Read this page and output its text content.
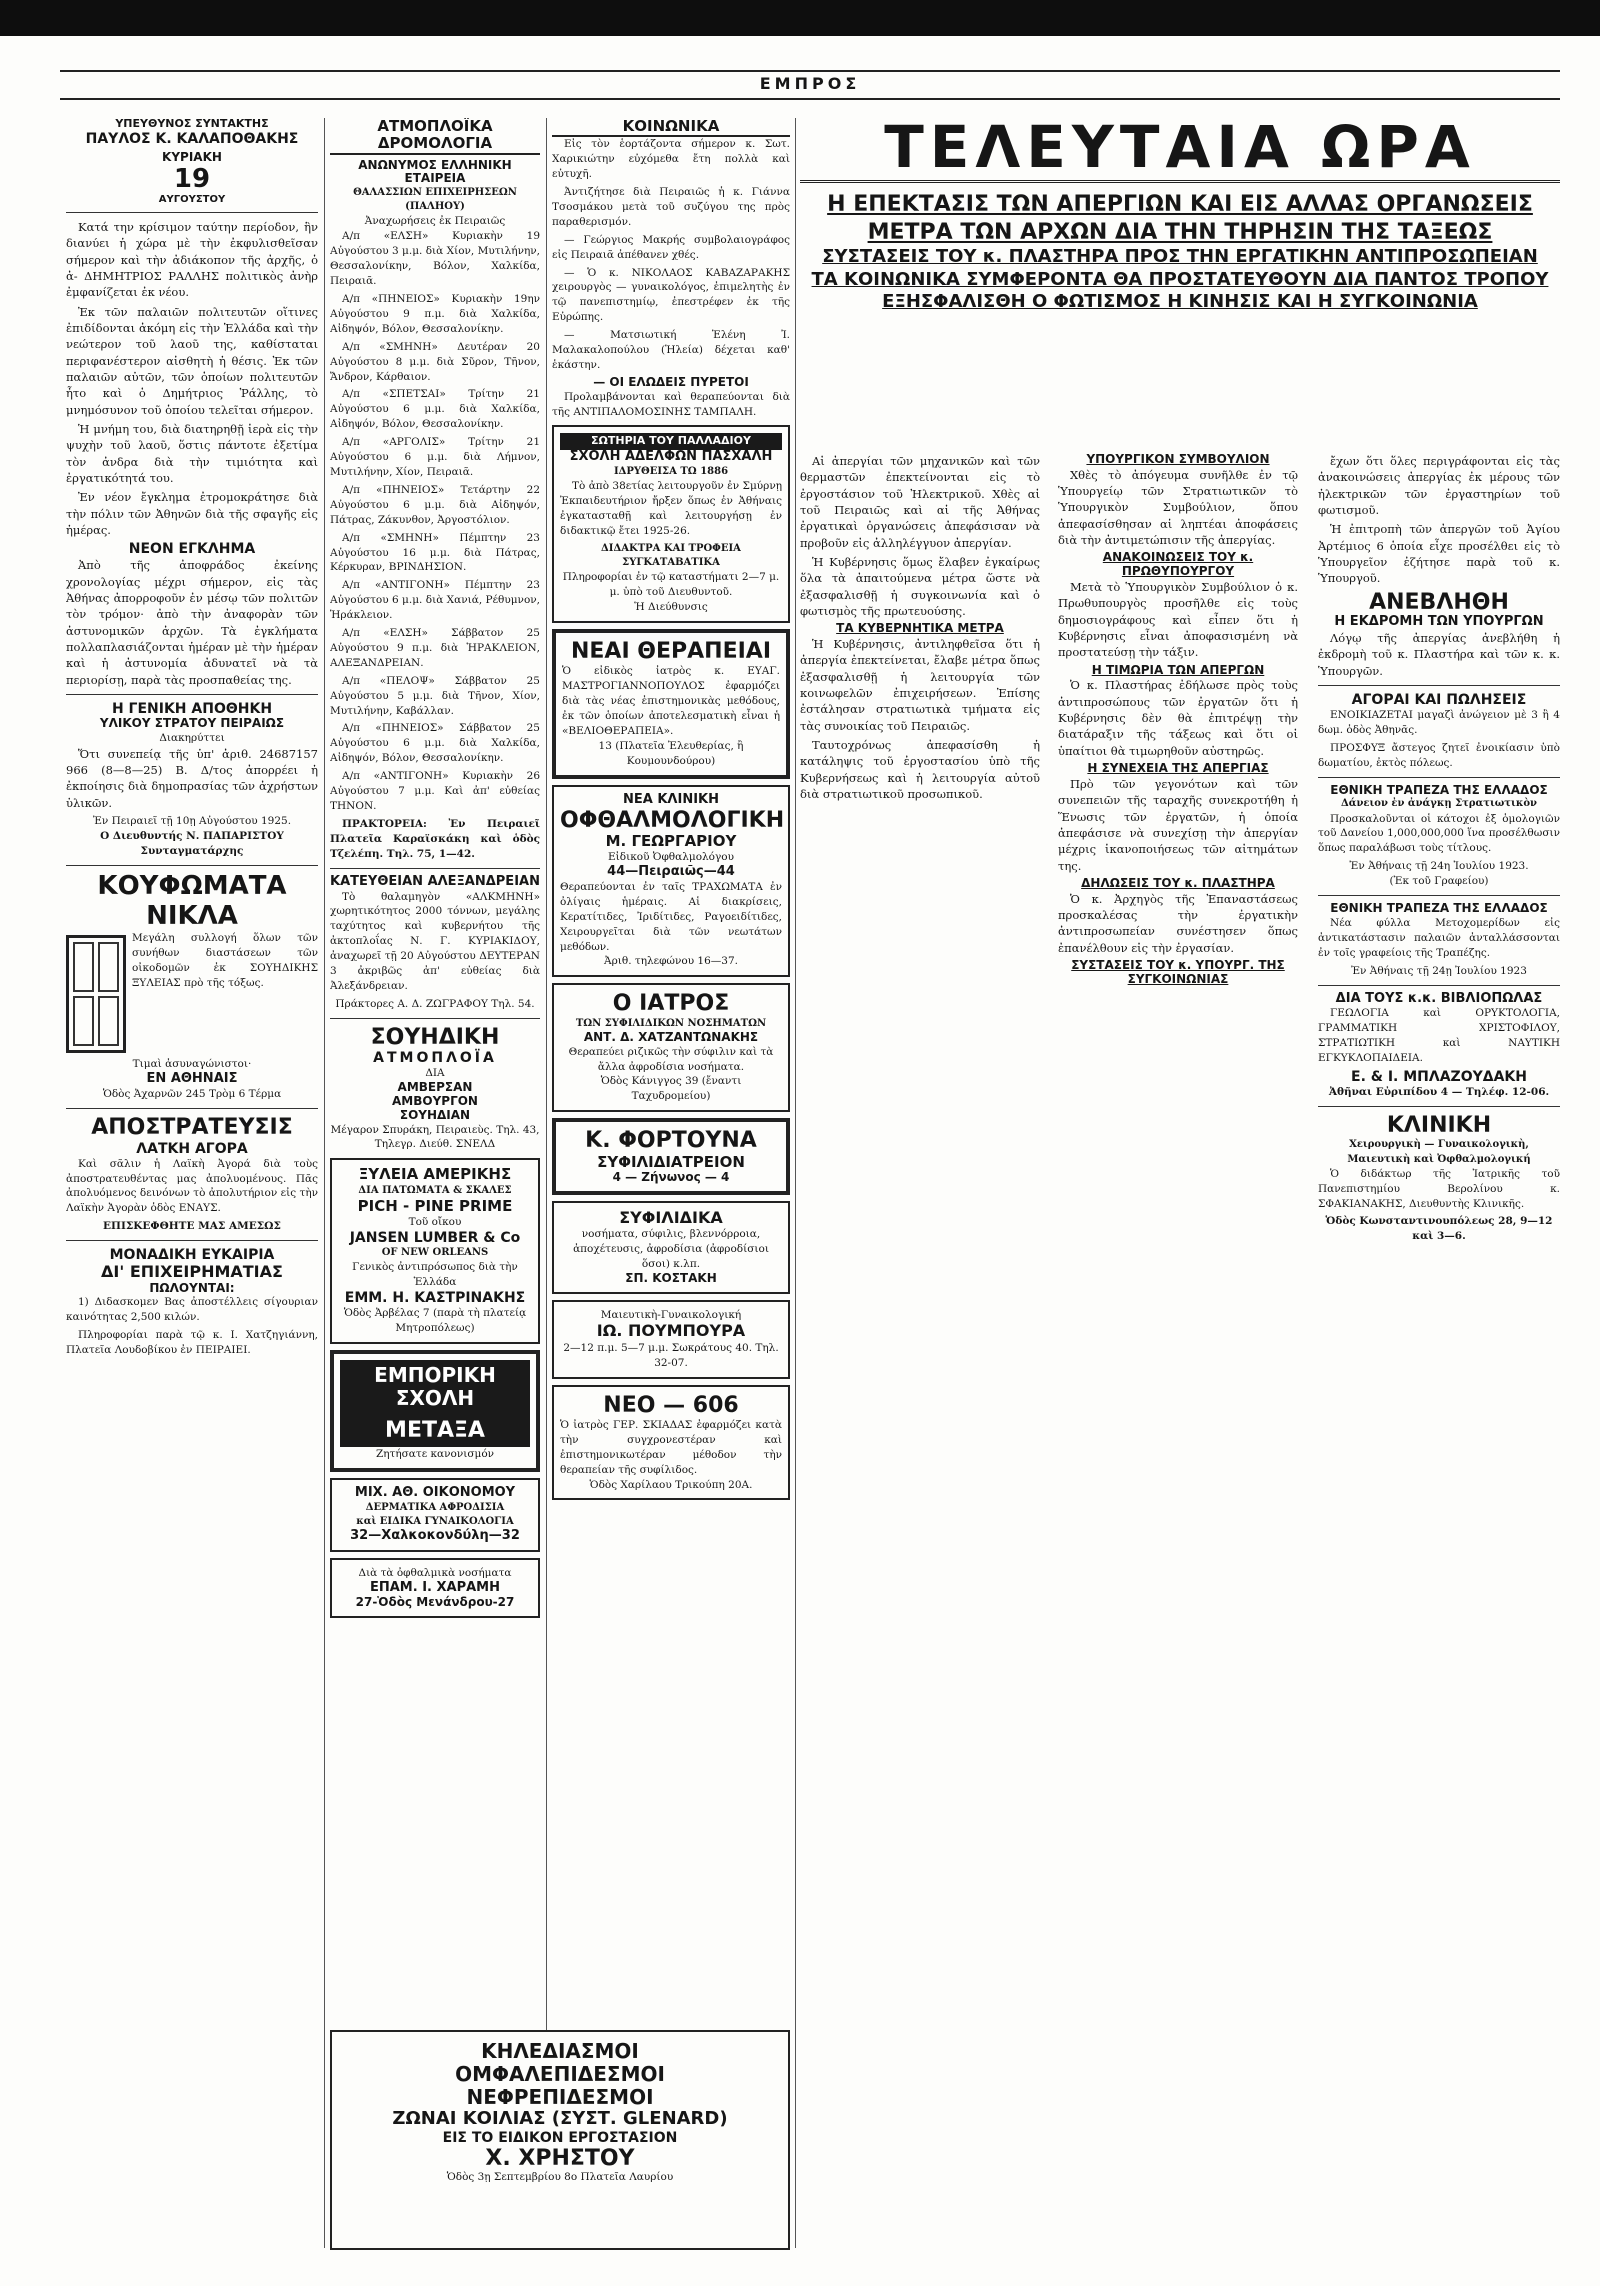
ΕΜΠΡΟΣ
ΥΠΕΥΘΥΝΟΣ ΣΥΝΤΑΚΤΗΣ
ΠΑΥΛΟΣ Κ. ΚΑΛΑΠΟΘΑΚΗΣ
ΚΥΡΙΑΚΗ
19
ΑΥΓΟΥΣΤΟΥ

Κατά την κρίσιμον ταύτην περίοδον, ἣν διανύει ἡ χώρα μὲ τὴν ἐκφυλισθεῖσαν σήμερον καὶ τὴν ἀδιάκοπον τῆς ἀρχῆς, ὁ ἀ- ΔΗΜΗΤΡΙΟΣ ΡΑΛΛΗΣ πολιτικὸς ἀνὴρ ἐμφανίζεται ἐκ νέου.

Ἐκ τῶν παλαιῶν πολιτευτῶν οἵτινες ἐπιδίδονται ἀκόμη εἰς τὴν Ἑλλάδα καὶ τὴν νεώτερον τοῦ λαοῦ της, καθίσταται περιφανέστερον αἰσθητὴ ἡ θέσις. Ἐκ τῶν παλαιῶν αὐτῶν, τῶν ὁποίων πολιτευτῶν ἦτο καὶ ὁ Δημήτριος Ῥάλλης, τὸ μνημόσυνον τοῦ ὁποίου τελεῖται σήμερον.

Ἡ μνήμη του, διὰ διατηρηθῇ ἱερὰ εἰς τὴν ψυχὴν τοῦ λαοῦ, ὅστις πάντοτε ἐξετίμα τὸν ἀνδρα διὰ τὴν τιμιότητα καὶ ἐργατικότητά του.

Ἐν νέον ἔγκλημα ἐτρομοκράτησε διὰ τὴν πόλιν τῶν Ἀθηνῶν διὰ τῆς σφαγῆς εἰς ἡμέρας.

ΝΕΟΝ ΕΓΚΛΗΜΑ

Ἀπὸ τῆς ἀποφράδος ἐκείνης χρονολογίας μέχρι σήμερον, εἰς τὰς Ἀθήνας ἀπορροφοῦν ἐν μέσῳ τῶν πολιτῶν τὸν τρόμον· ἀπὸ τὴν ἀναφορὰν τῶν ἀστυνομικῶν ἀρχῶν. Τὰ ἐγκλήματα πολλαπλασιάζονται ἡμέραν μὲ τὴν ἡμέραν καὶ ἡ ἀστυνομία ἀδυνατεῖ νὰ τὰ περιορίσῃ, παρὰ τὰς προσπαθείας της.

Η ΓΕΝΙΚΗ ΑΠΟΘΗΚΗ
ΥΛΙΚΟΥ ΣΤΡΑΤΟΥ ΠΕΙΡΑΙΩΣ
Διακηρύττει

Ὅτι συνεπείᾳ τῆς ὑπ' ἀριθ. 24687157 966 (8—8—25) Β. Δ/τος ἀπορρέει ἡ ἐκποίησις διὰ δημοπρασίας τῶν ἀχρήστων ὑλικῶν.

Ἐν Πειραιεῖ τῇ 10ῃ Αὐγούστου 1925.

Ο Διευθυντής Ν. ΠΑΠΑΡΙΣΤΟΥ Συνταγματάρχης

ΚΟΥΦΩΜΑΤΑ ΝΙΚΛΑ
Μεγάλη συλλογή ὅλων τῶν συνήθων διαστάσεων τῶν οἰκοδομῶν ἐκ ΣΟΥΗΔΙΚΗΣ ΞΥΛΕΙΑΣ πρὸ τῆς τόξως.
Τιμαὶ ἀσυναγώνιστοι·
ΕΝ ΑΘΗΝΑΙΣ
Ὁδὸς Ἀχαρνῶν 245 Τρὸμ 6 Τέρμα
ΑΠΟΣΤΡΑΤΕΥΣΙΣ
ΛΑΤΚΗ ΑΓΟΡΑ

Καὶ σᾶλιν ἡ Λαϊκὴ Ἀγορά διὰ τοὺς ἀποστρατευθέντας μας ἀπολυομένους. Πᾶς ἀπολυόμενος δεινόνων τὸ ἀπολυτήριον εἰς τὴν Λαϊκὴν Ἀγορὰν ὁδὸς ΕΝΑΥΣ.

ΕΠΙΣΚΕΦΘΗΤΕ ΜΑΣ ΑΜΕΣΩΣ
ΜΟΝΑΔΙΚΗ ΕΥΚΑΙΡΙΑ
ΔΙ' ΕΠΙΧΕΙΡΗΜΑΤΙΑΣ
ΠΩΛΟΥΝΤΑΙ:

1) Διδασκομεν Βας ἀποστέλλεις σίγουριαν καινότητας 2,500 κιλών.

Πληροφορίαι παρὰ τῷ κ. Ι. Χατζηγιάννη, Πλατεῖα Λουδοβίκου ἐν ΠΕΙΡΑΙΕΙ.

ΑΤΜΟΠΛΟΪΚΑ ΔΡΟΜΟΛΟΓΙΑ
ΑΝΩΝΥΜΟΣ ΕΛΛΗΝΙΚΗ ΕΤΑΙΡΕΙΑ
ΘΑΛΑΣΣΙΩΝ ΕΠΙΧΕΙΡΗΣΕΩΝ (ΠΑΛΗΟΥ)
Ἀναχωρήσεις ἐκ Πειραιῶς

Α/π «ΕΛΣΗ» Κυριακὴν 19 Αὐγούστου 3 μ.μ. διὰ Χίον, Μυτιλήνην, Θεσσαλονίκην, Βόλον, Χαλκίδα, Πειραιᾶ.

Α/π «ΠΗΝΕΙΟΣ» Κυριακὴν 19ην Αὐγούστου 9 π.μ. διὰ Χαλκίδα, Αἰδηψόν, Βόλον, Θεσσαλονίκην.

Α/π «ΣΜΗΝΗ» Δευτέραν 20 Αὐγούστου 8 μ.μ. διὰ Σῦρον, Τῆνον, Ἄνδρον, Κάρθαιον.

Α/π «ΣΠΕΤΣΑΙ» Τρίτην 21 Αὐγούστου 6 μ.μ. διὰ Χαλκίδα, Αἰδηψόν, Βόλον, Θεσσαλονίκην.

Α/π «ΑΡΓΟΛΙΣ» Τρίτην 21 Αὐγούστου 6 μ.μ. διὰ Λήμνον, Μυτιλήνην, Χίον, Πειραιᾶ.

Α/π «ΠΗΝΕΙΟΣ» Τετάρτην 22 Αὐγούστου 6 μ.μ. διὰ Αἰδηψόν, Πάτρας, Ζάκυνθον, Ἀργοστόλιον.

Α/π «ΣΜΗΝΗ» Πέμπτην 23 Αὐγούστου 16 μ.μ. διὰ Πάτρας, Κέρκυραν, ΒΡΙΝΔΗΣΙΟΝ.

Α/π «ΑΝΤΙΓΟΝΗ» Πέμπτην 23 Αὐγούστου 6 μ.μ. διὰ Χανιά, Ρέθυμνον, Ἡράκλειον.

Α/π «ΕΛΣΗ» Σάββατον 25 Αὐγούστου 9 π.μ. διὰ ἩΡΑΚΛΕΙΟΝ, ΑΛΕΞΑΝΔΡΕΙΑΝ.

Α/π «ΠΕΛΟΨ» Σάββατον 25 Αὐγούστου 5 μ.μ. διὰ Τῆνον, Χίον, Μυτιλήνην, Καβάλλαν.

Α/π «ΠΗΝΕΙΟΣ» Σάββατον 25 Αὐγούστου 6 μ.μ. διὰ Χαλκίδα, Αἰδηψόν, Βόλον, Θεσσαλονίκην.

Α/π «ΑΝΤΙΓΟΝΗ» Κυριακὴν 26 Αὐγούστου 7 μ.μ. Καὶ ἀπ' εὐθείας ΤΗΝΟΝ.

ΠΡΑΚΤΟΡΕΙΑ: Ἐν Πειραιεῖ Πλατεῖα Καραϊσκάκη καὶ ὁδὸς Τζελέπη. Τηλ. 75, 1—42.

ΚΑΤΕΥΘΕΙΑΝ ΑΛΕΞΑΝΔΡΕΙΑΝ

Τὸ θαλαμηγὸν «ΑΛΚΜΗΝΗ» χωρητικότητος 2000 τόννων, μεγάλης ταχύτητος καὶ κυβερνήτου τῆς ἀκτοπλοΐας Ν. Γ. ΚΥΡΙΑΚΙΔΟΥ, ἀναχωρεῖ τῇ 20 Αὐγούστου ΔΕΥΤΕΡΑΝ 3 ἀκριβῶς ἀπ' εὐθείας διὰ Ἀλεξάνδρειαν.

Πράκτορες Α. Δ. ΖΩΓΡΑΦΟΥ Τηλ. 54.

ΣΟΥΗΔΙΚΗ
ΑΤΜΟΠΛΟΪΑ
ΔΙΑ
ΑΜΒΕΡΣΑΝ
ΑΜΒΟΥΡΓΟΝ
ΣΟΥΗΔΙΑΝ

Μέγαρον Σπυράκη, Πειραιεὺς. Τηλ. 43, Τηλεγρ. Διεύθ. ΣΝΕΛΔ

ΞΥΛΕΙΑ ΑΜΕΡΙΚΗΣ
ΔΙΑ ΠΑΤΩΜΑΤΑ & ΣΚΑΛΕΣ
PICH - PINE PRIME
Τοῦ οἴκου
JANSEN LUMBER & Co
OF NEW ORLEANS
Γενικὸς ἀντιπρόσωπος διὰ τὴν Ἑλλάδα
ΕΜΜ. Η. ΚΑΣΤΡΙΝΑΚΗΣ
Ὁδὸς Ἀρβέλας 7 (παρὰ τὴ πλατείᾳ Μητροπόλεως)
ΕΜΠΟΡΙΚΗ ΣΧΟΛΗ
ΜΕΤΑΞΑ
Ζητήσατε κανονισμόν
ΜΙΧ. ΑΘ. ΟΙΚΟΝΟΜΟΥ
ΔΕΡΜΑΤΙΚΑ ΑΦΡΟΔΙΣΙΑ
καὶ ΕΙΔΙΚΑ ΓΥΝΑΙΚΟΛΟΓΙΑ
32—Χαλκοκονδύλη—32
Διὰ τὰ ὀφθαλμικὰ νοσήματα
ΕΠΑΜ. Ι. ΧΑΡΑΜΗ
27-Ὁδὸς Μενάνδρου-27
ΚΟΙΝΩΝΙΚΑ

Εἰς τὸν ἑορτάζοντα σήμερον κ. Σωτ. Χαρικιώτην εὐχόμεθα ἔτη πολλὰ καὶ εὐτυχῆ.

Ἀντιζήτησε διὰ Πειραιῶς ἡ κ. Γιάννα Τσοσμάκου μετὰ τοῦ συζύγου της πρὸς παραθερισμόν.

— Γεώργιος Μακρής συμβολαιογράφος εἰς Πειραιᾶ ἀπέθανεν χθές.

— Ὁ κ. ΝΙΚΟΛΑΟΣ ΚΑΒΑΖΑΡΑΚΗΣ χειρουργὸς — γυναικολόγος, ἐπιμελητὴς ἐν τῷ πανεπιστημίῳ, ἐπεστρέφεν ἐκ τῆς Εὐρώπης.

— Ματσιωτική Ἑλένη Ἰ. Μαλακαλοπούλου (Ἡλεία) δέχεται καθ' ἑκάστην.

— ΟΙ ΕΛΩΔΕΙΣ ΠΥΡΕΤΟΙ

Προλαμβάνονται καὶ θεραπεύονται διὰ τῆς ΑΝΤΙΠΑΛΟΜΟΣΙΝΗΣ ΤΑΜΠΑΛΗ.

ΣΩΤΗΡΙΑ ΤΟΥ ΠΑΛΛΑΔΙΟΥ
ΣΧΟΛΗ ΑΔΕΛΦΩΝ ΠΑΣΧΑΛΗ
ΙΔΡΥΘΕΙΣΑ ΤΩ 1886

Τὸ ἀπὸ 38ετίας λειτουργοῦν ἐν Σμύρνῃ Ἐκπαιδευτήριον ἤρξεν ὅπως ἐν Ἀθήναις ἐγκατασταθῇ καὶ λειτουργήσῃ ἐν διδακτικῷ ἔτει 1925-26.

ΔΙΔΑΚΤΡΑ ΚΑΙ ΤΡΟΦΕΙΑ ΣΥΓΚΑΤΑΒΑΤΙΚΑ
Πληροφορίαι ἐν τῷ καταστήματι 2—7 μ. μ. ὑπὸ τοῦ Διευθυντοῦ.
Ἡ Διεύθυνσις
ΝΕΑΙ ΘΕΡΑΠΕΙΑΙ

Ὁ εἰδικὸς ἰατρὸς κ. ΕΥΑΓ. ΜΑΣΤΡΟΓΙΑΝΝΟΠΟΥΛΟΣ ἐφαρμόζει διὰ τὰς νέας ἐπιστημονικὰς μεθόδους, ἐκ τῶν ὁποίων ἀποτελεσματικὴ εἶναι ἡ «ΒΕΛΙΟΘΕΡΑΠΕΙΑ».

13 (Πλατεῖα Ἐλευθερίας, ἢ Κουμουνδούρου)
ΝΕΑ ΚΛΙΝΙΚΗ
ΟΦΘΑΛΜΟΛΟΓΙΚΗ
Μ. ΓΕΩΡΓΑΡΙΟΥ
Εἰδικοῦ Ὀφθαλμολόγου
44—Πειραιῶς—44

Θεραπεύονται ἐν ταῖς ΤΡΑΧΩΜΑΤΑ ἐν ὀλίγαις ἡμέραις. Αἱ διακρίσεις, Κερατίτιδες, Ἰριδίτιδες, Ραγοειδίτιδες, Χειρουργεῖται διὰ τῶν νεωτάτων μεθόδων.

Ἀριθ. τηλεφώνου 16—37.
Ο ΙΑΤΡΟΣ
ΤΩΝ ΣΥΦΙΛΙΔΙΚΩΝ ΝΟΣΗΜΑΤΩΝ
ΑΝΤ. Δ. ΧΑΤΖΑΝΤΩΝΑΚΗΣ

Θεραπεύει ριζικῶς τὴν σύφιλιν καὶ τὰ ἄλλα ἀφροδίσια νοσήματα.

Ὁδὸς Κάνιγγος 39 (ἔναντι Ταχυδρομείου)
Κ. ΦΟΡΤΟΥΝΑ
ΣΥΦΙΛΙΔΙΑΤΡΕΙΟΝ
4 — Ζήνωνος — 4
ΣΥΦΙΛΙΔΙΚΑ

νοσήματα, σύφιλις, βλεννόρροια, ἀποχέτευσις, ἀφροδίσια (ἀφροδίσιοι ὅσοι) κ.λπ.

ΣΠ. ΚΟΣΤΑΚΗ
Μαιευτικὴ-Γυναικολογική
ΙΩ. ΠΟΥΜΠΟΥΡΑ
2—12 π.μ. 5—7 μ.μ. Σωκράτους 40. Τηλ. 32-07.
ΝΕΟ — 606

Ὁ ἰατρὸς ΓΕΡ. ΣΚΙΑΔΑΣ ἐφαρμόζει κατὰ τὴν συγχρονεστέραν καὶ ἐπιστημονικωτέραν μέθοδον τὴν θεραπείαν τῆς συφίλιδος.

Ὁδὸς Χαρίλαου Τρικούπη 20Α.
ΤΕΛΕΥΤΑΙΑ ΩΡΑ
Η ΕΠΕΚΤΑΣΙΣ ΤΩΝ ΑΠΕΡΓΙΩΝ ΚΑΙ ΕΙΣ ΑΛΛΑΣ ΟΡΓΑΝΩΣΕΙΣ
ΜΕΤΡΑ ΤΩΝ ΑΡΧΩΝ ΔΙΑ ΤΗΝ ΤΗΡΗΣΙΝ ΤΗΣ ΤΑΞΕΩΣ
ΣΥΣΤΑΣΕΙΣ ΤΟΥ κ. ΠΛΑΣΤΗΡΑ ΠΡΟΣ ΤΗΝ ΕΡΓΑΤΙΚΗΝ ΑΝΤΙΠΡΟΣΩΠΕΙΑΝ
ΤΑ ΚΟΙΝΩΝΙΚΑ ΣΥΜΦΕΡΟΝΤΑ ΘΑ ΠΡΟΣΤΑΤΕΥΘΟΥΝ ΔΙΑ ΠΑΝΤΟΣ ΤΡΟΠΟΥ
ΕΞΗΣΦΑΛΙΣΘΗ Ο ΦΩΤΙΣΜΟΣ Η ΚΙΝΗΣΙΣ ΚΑΙ Η ΣΥΓΚΟΙΝΩΝΙΑ

Αἱ ἀπεργίαι τῶν μηχανικῶν καὶ τῶν θερμαστῶν ἐπεκτείνονται εἰς τὸ ἐργοστάσιον τοῦ Ἠλεκτρικοῦ. Χθὲς αἱ τοῦ Πειραιῶς καὶ αἱ τῆς Ἀθήνας ἐργατικαὶ ὀργανώσεις ἀπεφάσισαν νὰ προβοῦν εἰς ἀλληλέγγυον ἀπεργίαν.

Ἡ Κυβέρνησις ὅμως ἔλαβεν ἐγκαίρως ὅλα τὰ ἀπαιτούμενα μέτρα ὥστε νὰ ἐξασφαλισθῇ ἡ συγκοινωνία καὶ ὁ φωτισμὸς τῆς πρωτευούσης.

ΤΑ ΚΥΒΕΡΝΗΤΙΚΑ ΜΕΤΡΑ

Ἡ Κυβέρνησις, ἀντιληφθεῖσα ὅτι ἡ ἀπεργία ἐπεκτείνεται, ἔλαβε μέτρα ὅπως ἐξασφαλισθῇ ἡ λειτουργία τῶν κοινωφελῶν ἐπιχειρήσεων. Ἐπίσης ἐστάλησαν στρατιωτικὰ τμήματα εἰς τὰς συνοικίας τοῦ Πειραιῶς.

Ταυτοχρόνως ἀπεφασίσθη ἡ κατάληψις τοῦ ἐργοστασίου ὑπὸ τῆς Κυβερνήσεως καὶ ἡ λειτουργία αὐτοῦ διὰ στρατιωτικοῦ προσωπικοῦ.

ΥΠΟΥΡΓΙΚΟΝ ΣΥΜΒΟΥΛΙΟΝ

Χθὲς τὸ ἀπόγευμα συνῆλθε ἐν τῷ Ὑπουργείῳ τῶν Στρατιωτικῶν τὸ Ὑπουργικὸν Συμβούλιον, ὅπου ἀπεφασίσθησαν αἱ ληπτέαι ἀποφάσεις διὰ τὴν ἀντιμετώπισιν τῆς ἀπεργίας.

ΑΝΑΚΟΙΝΩΣΕΙΣ ΤΟΥ κ. ΠΡΩΘΥΠΟΥΡΓΟΥ

Μετὰ τὸ Ὑπουργικὸν Συμβούλιον ὁ κ. Πρωθυπουργὸς προσῆλθε εἰς τοὺς δημοσιογράφους καὶ εἶπεν ὅτι ἡ Κυβέρνησις εἶναι ἀποφασισμένη νὰ προστατεύσῃ τὴν τάξιν.

Η ΤΙΜΩΡΙΑ ΤΩΝ ΑΠΕΡΓΩΝ

Ὁ κ. Πλαστήρας ἐδήλωσε πρὸς τοὺς ἀντιπροσώπους τῶν ἐργατῶν ὅτι ἡ Κυβέρνησις δὲν θὰ ἐπιτρέψῃ τὴν διατάραξιν τῆς τάξεως καὶ ὅτι οἱ ὑπαίτιοι θὰ τιμωρηθοῦν αὐστηρῶς.

Η ΣΥΝΕΧΕΙΑ ΤΗΣ ΑΠΕΡΓΙΑΣ

Πρὸ τῶν γεγονότων καὶ τῶν συνεπειῶν τῆς ταραχῆς συνεκροτήθη ἡ Ἕνωσις τῶν ἐργατῶν, ἡ ὁποία ἀπεφάσισε νὰ συνεχίσῃ τὴν ἀπεργίαν μέχρις ἱκανοποιήσεως τῶν αἰτημάτων της.

ΔΗΛΩΣΕΙΣ ΤΟΥ κ. ΠΛΑΣΤΗΡΑ

Ὁ κ. Ἀρχηγὸς τῆς Ἐπαναστάσεως προσκαλέσας τὴν ἐργατικὴν ἀντιπροσωπείαν συνέστησεν ὅπως ἐπανέλθουν εἰς τὴν ἐργασίαν.

ΣΥΣΤΑΣΕΙΣ ΤΟΥ κ. ΥΠΟΥΡΓ. ΤΗΣ ΣΥΓΚΟΙΝΩΝΙΑΣ

ἔχων ὅτι ὅλες περιγράφονται εἰς τὰς ἀνακοινώσεις ἀπεργίας ἐκ μέρους τῶν ἠλεκτρικῶν τῶν ἐργαστηρίων τοῦ φωτισμοῦ.

Ἡ ἐπιτροπὴ τῶν ἀπεργῶν τοῦ Ἀγίου Ἀρτέμιος 6 ὁποία εἶχε προσέλθει εἰς τὸ Ὑπουργεῖον ἐζήτησε παρὰ τοῦ κ. Ὑπουργοῦ.

ΑΝΕΒΛΗΘΗ
Η ΕΚΔΡΟΜΗ ΤΩΝ ΥΠΟΥΡΓΩΝ

Λόγῳ τῆς ἀπεργίας ἀνεβλήθη ἡ ἐκδρομὴ τοῦ κ. Πλαστήρα καὶ τῶν κ. κ. Ὑπουργῶν.

ΑΓΟΡΑΙ ΚΑΙ ΠΩΛΗΣΕΙΣ

ΕΝΟΙΚΙΑΖΕΤΑΙ μαγαζὶ ἀνώγειον μὲ 3 ἢ 4 δωμ. ὁδὸς Ἀθηνᾶς.

ΠΡΟΣΦΥΞ ἄστεγος ζητεῖ ἐνοικίασιν ὑπὸ δωματίου, ἐκτὸς πόλεως.

ΕΘΝΙΚΗ ΤΡΑΠΕΖΑ ΤΗΣ ΕΛΛΑΔΟΣ
Δάνειον ἐν ἀνάγκῃ Στρατιωτικὸν

Προσκαλοῦνται οἱ κάτοχοι ἐξ ὁμολογιῶν τοῦ Δανείου 1,000,000,000 ἵνα προσέλθωσιν ὅπως παραλάβωσι τοὺς τίτλους.

Ἐν Ἀθήναις τῇ 24η Ἰουλίου 1923.

(Ἐκ τοῦ Γραφείου)

ΕΘΝΙΚΗ ΤΡΑΠΕΖΑ ΤΗΣ ΕΛΛΑΔΟΣ

Νέα φύλλα Μετοχομερίδων εἰς ἀντικατάστασιν παλαιῶν ἀνταλλάσσονται ἐν τοῖς γραφείοις τῆς Τραπέζης.

Ἐν Ἀθήναις τῇ 24ῃ Ἰουλίου 1923

ΔΙΑ ΤΟΥΣ κ.κ. ΒΙΒΛΙΟΠΩΛΑΣ

ΓΕΩΛΟΓΙΑ καὶ ΟΡΥΚΤΟΛΟΓΙΑ, ΓΡΑΜΜΑΤΙΚΗ ΧΡΙΣΤΟΦΙΛΟΥ, ΣΤΡΑΤΙΩΤΙΚΗ καὶ ΝΑΥΤΙΚΗ ΕΓΚΥΚΛΟΠΑΙΔΕΙΑ.

Ε. & Ι. ΜΠΛΑΖΟΥΔΑΚΗ
Ἀθῆναι Εὐριπίδου 4 — Τηλέφ. 12-06.
ΚΛΙΝΙΚΗ
Χειρουργικὴ — Γυναικολογικὴ, Μαιευτικὴ καὶ Ὀφθαλμολογική

Ὁ διδάκτωρ τῆς Ἰατρικῆς τοῦ Πανεπιστημίου Βερολίνου κ. ΣΦΑΚΙΑΝΑΚΗΣ, Διευθυντὴς Κλινικῆς.

Ὁδὸς Κωνσταντινουπόλεως 28, 9—12 καὶ 3—6.
ΚΗΛΕΔΙΑΣΜΟΙ
ΟΜΦΑΛΕΠΙΔΕΣΜΟΙ
ΝΕΦΡΕΠΙΔΕΣΜΟΙ
ΖΩΝΑΙ ΚΟΙΛΙΑΣ (ΣΥΣΤ. GLENARD)
ΕΙΣ ΤΟ ΕΙΔΙΚΟΝ ΕΡΓΟΣΤΑΣΙΟΝ
Χ. ΧΡΗΣΤΟΥ
Ὁδὸς 3ῃ Σεπτεμβρίου 8ο Πλατεῖα Λαυρίου
